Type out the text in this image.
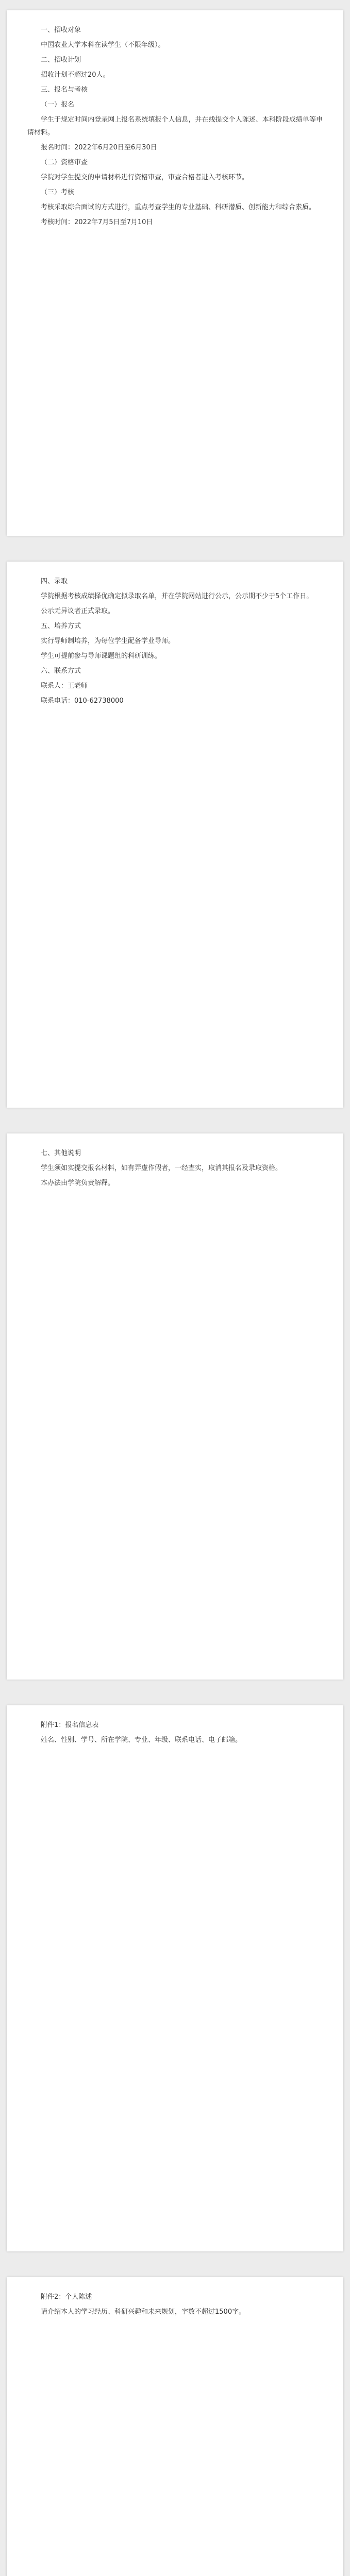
一、招收对象

中国农业大学本科在读学生（不限年级）。

二、招收计划

招收计划不超过20人。

三、报名与考核

（一）报名

学生于规定时间内登录网上报名系统填报个人信息，并在线提交个人陈述、本科阶段成绩单等申请材料。

报名时间：2022年6月20日至6月30日

（二）资格审查

学院对学生提交的申请材料进行资格审查，审查合格者进入考核环节。

（三）考核

考核采取综合面试的方式进行，重点考查学生的专业基础、科研潜质、创新能力和综合素质。

考核时间：2022年7月5日至7月10日

四、录取

学院根据考核成绩择优确定拟录取名单，并在学院网站进行公示，公示期不少于5个工作日。

公示无异议者正式录取。

五、培养方式

实行导师制培养，为每位学生配备学业导师。

学生可提前参与导师课题组的科研训练。

六、联系方式

联系人：王老师

联系电话：010-62738000

七、其他说明

学生须如实提交报名材料，如有弄虚作假者，一经查实，取消其报名及录取资格。

本办法由学院负责解释。

附件1：报名信息表

姓名、性别、学号、所在学院、专业、年级、联系电话、电子邮箱。

附件2：个人陈述

请介绍本人的学习经历、科研兴趣和未来规划，字数不超过1500字。
